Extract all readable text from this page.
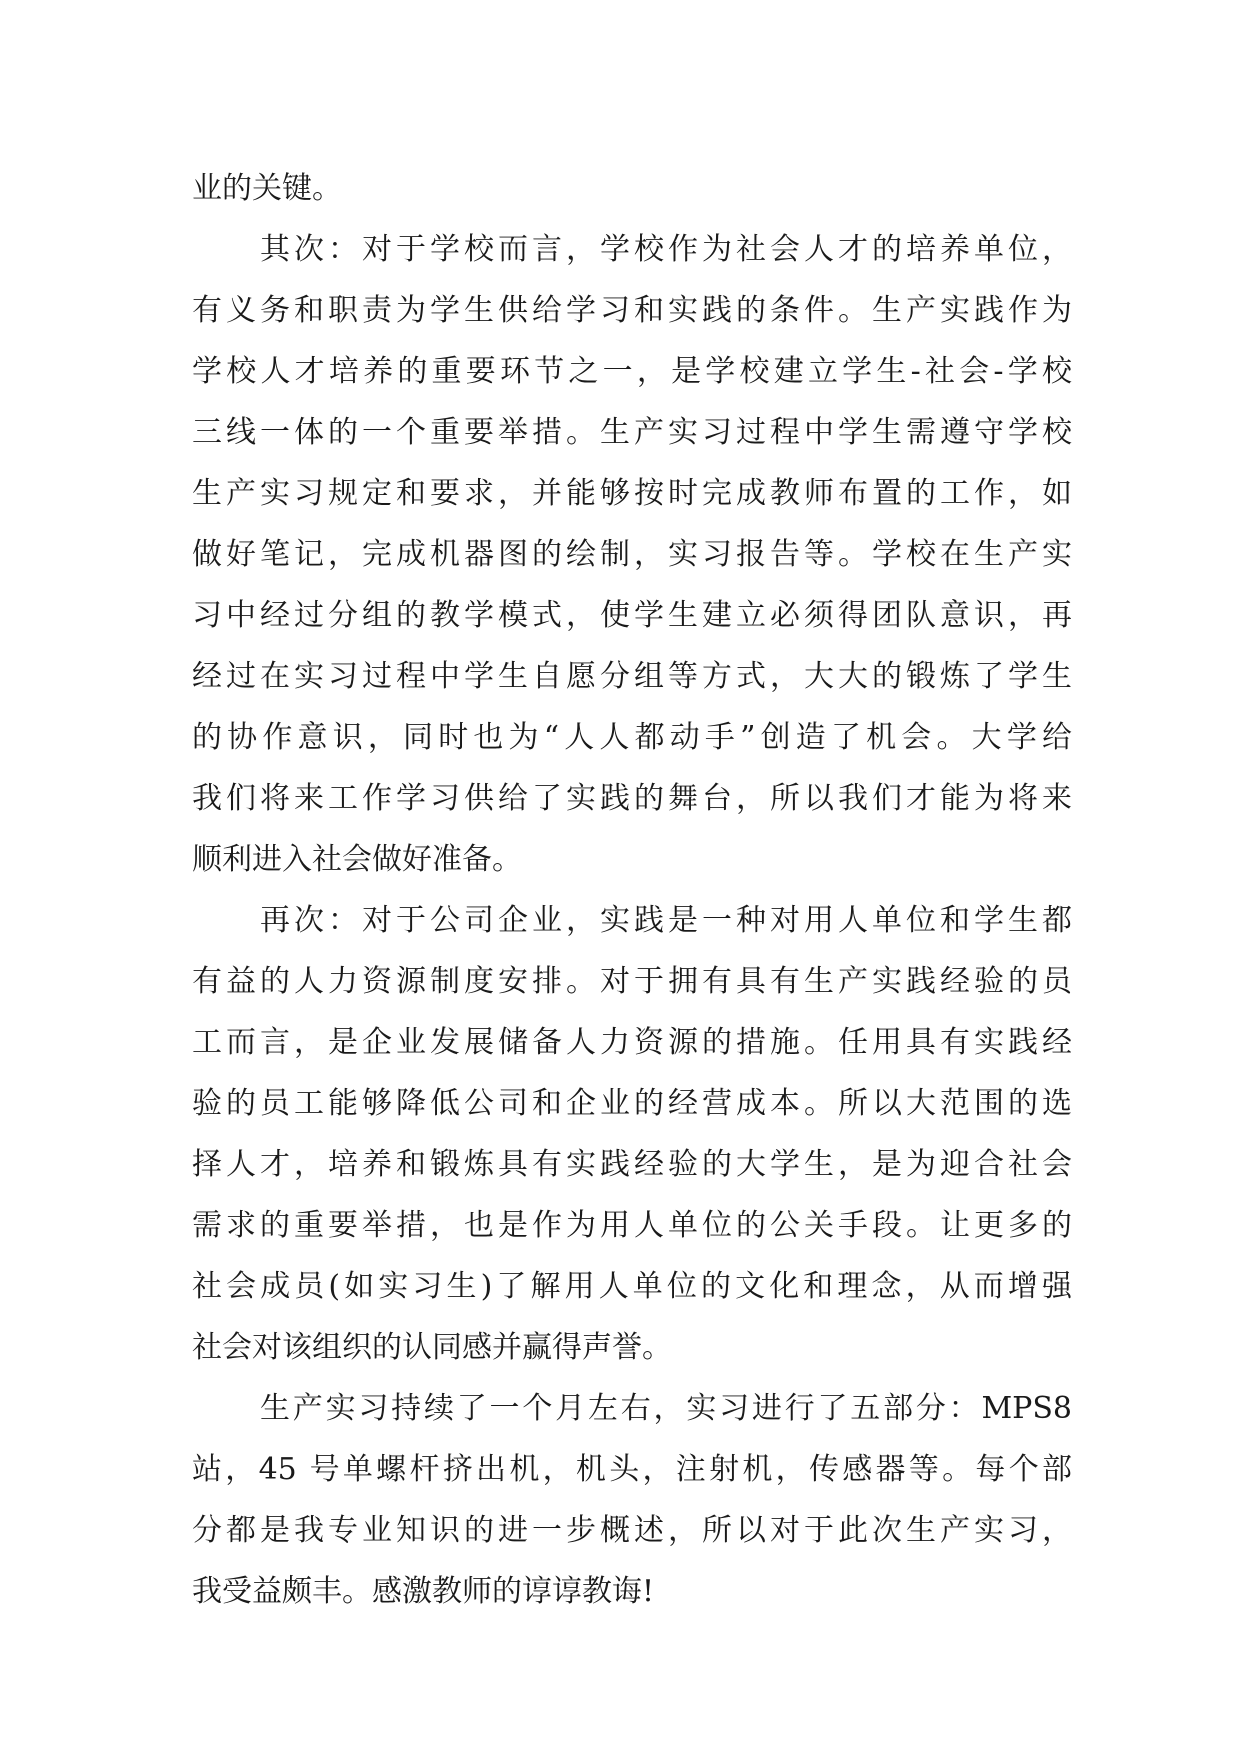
业的关键。
其次：对于学校而言，学校作为社会人才的培养单位，
有义务和职责为学生供给学习和实践的条件。生产实践作为
学校人才培养的重要环节之一，是学校建立学生-社会-学校
三线一体的一个重要举措。生产实习过程中学生需遵守学校
生产实习规定和要求，并能够按时完成教师布置的工作，如
做好笔记，完成机器图的绘制，实习报告等。学校在生产实
习中经过分组的教学模式，使学生建立必须得团队意识，再
经过在实习过程中学生自愿分组等方式，大大的锻炼了学生
的协作意识，同时也为“人人都动手”创造了机会。大学给
我们将来工作学习供给了实践的舞台，所以我们才能为将来
顺利进入社会做好准备。
再次：对于公司企业，实践是一种对用人单位和学生都
有益的人力资源制度安排。对于拥有具有生产实践经验的员
工而言，是企业发展储备人力资源的措施。任用具有实践经
验的员工能够降低公司和企业的经营成本。所以大范围的选
择人才，培养和锻炼具有实践经验的大学生，是为迎合社会
需求的重要举措，也是作为用人单位的公关手段。让更多的
社会成员(如实习生)了解用人单位的文化和理念，从而增强
社会对该组织的认同感并赢得声誉。
生产实习持续了一个月左右，实习进行了五部分：MPS8
站，45 号单螺杆挤出机，机头，注射机，传感器等。每个部
分都是我专业知识的进一步概述，所以对于此次生产实习，
我受益颇丰。感激教师的谆谆教诲!
